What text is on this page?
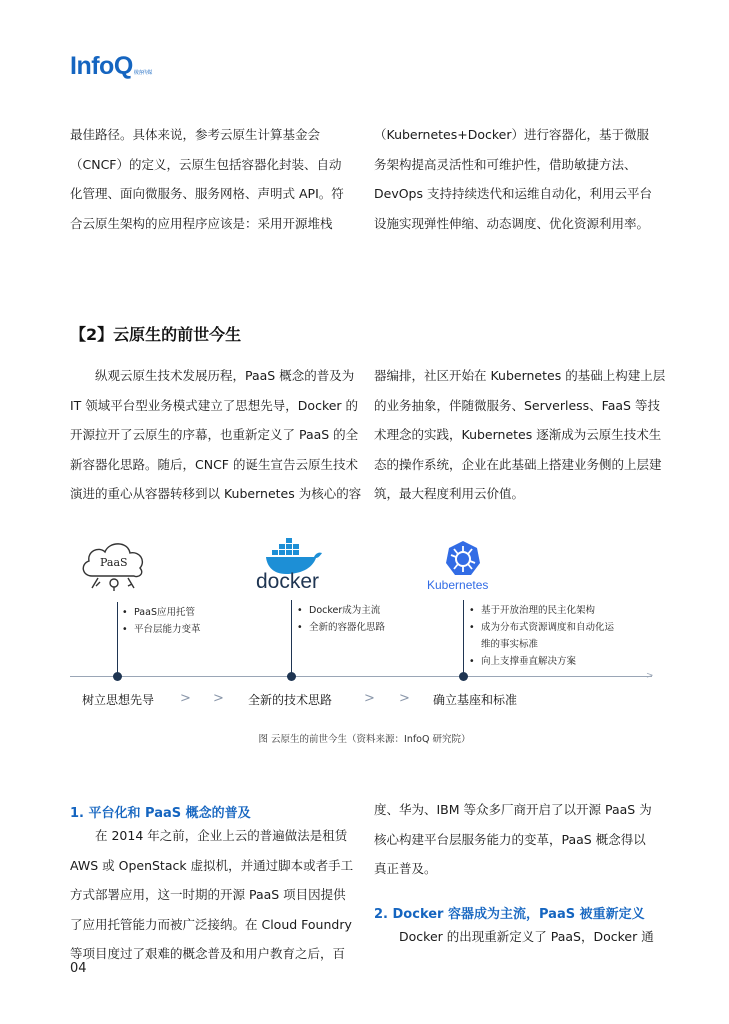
InfoQ极客传媒
最佳路径。具体来说，参考云原生计算基金会
（CNCF）的定义，云原生包括容器化封装、自动
化管理、面向微服务、服务网格、声明式 API。符
合云原生架构的应用程序应该是：采用开源堆栈
（Kubernetes+Docker）进行容器化，基于微服
务架构提高灵活性和可维护性，借助敏捷方法、
DevOps 支持持续迭代和运维自动化，利用云平台
设施实现弹性伸缩、动态调度、优化资源利用率。
【2】云原生的前世今生
纵观云原生技术发展历程，PaaS 概念的普及为
IT 领域平台型业务模式建立了思想先导，Docker 的
开源拉开了云原生的序幕，也重新定义了 PaaS 的全
新容器化思路。随后，CNCF 的诞生宣告云原生技术
演进的重心从容器转移到以 Kubernetes 为核心的容
器编排，社区开始在 Kubernetes 的基础上构建上层
的业务抽象，伴随微服务、Serverless、FaaS 等技
术理念的实践，Kubernetes 逐渐成为云原生技术生
态的操作系统，企业在此基础上搭建业务侧的上层建
筑，最大程度利用云价值。
PaaS
docker	Kubernetes
• PaaS应用托管
• 平台层能力变革
• Docker成为主流
• 全新的容器化思路
• 基于开放治理的民主化架构
• 成为分布式资源调度和自动化运
维的事实标准
• 向上支撑垂直解决方案
>
树立思想先导 > > 全新的技术思路 > > 确立基座和标准
图 云原生的前世今生（资料来源：InfoQ 研究院）
1. 平台化和 PaaS 概念的普及
在 2014 年之前，企业上云的普遍做法是租赁
AWS 或 OpenStack 虚拟机，并通过脚本或者手工
方式部署应用，这一时期的开源 PaaS 项目因提供
了应用托管能力而被广泛接纳。在 Cloud Foundry
等项目度过了艰难的概念普及和用户教育之后，百
度、华为、IBM 等众多厂商开启了以开源 PaaS 为
核心构建平台层服务能力的变革，PaaS 概念得以
真正普及。
2. Docker 容器成为主流，PaaS 被重新定义
Docker 的出现重新定义了 PaaS，Docker 通
04
